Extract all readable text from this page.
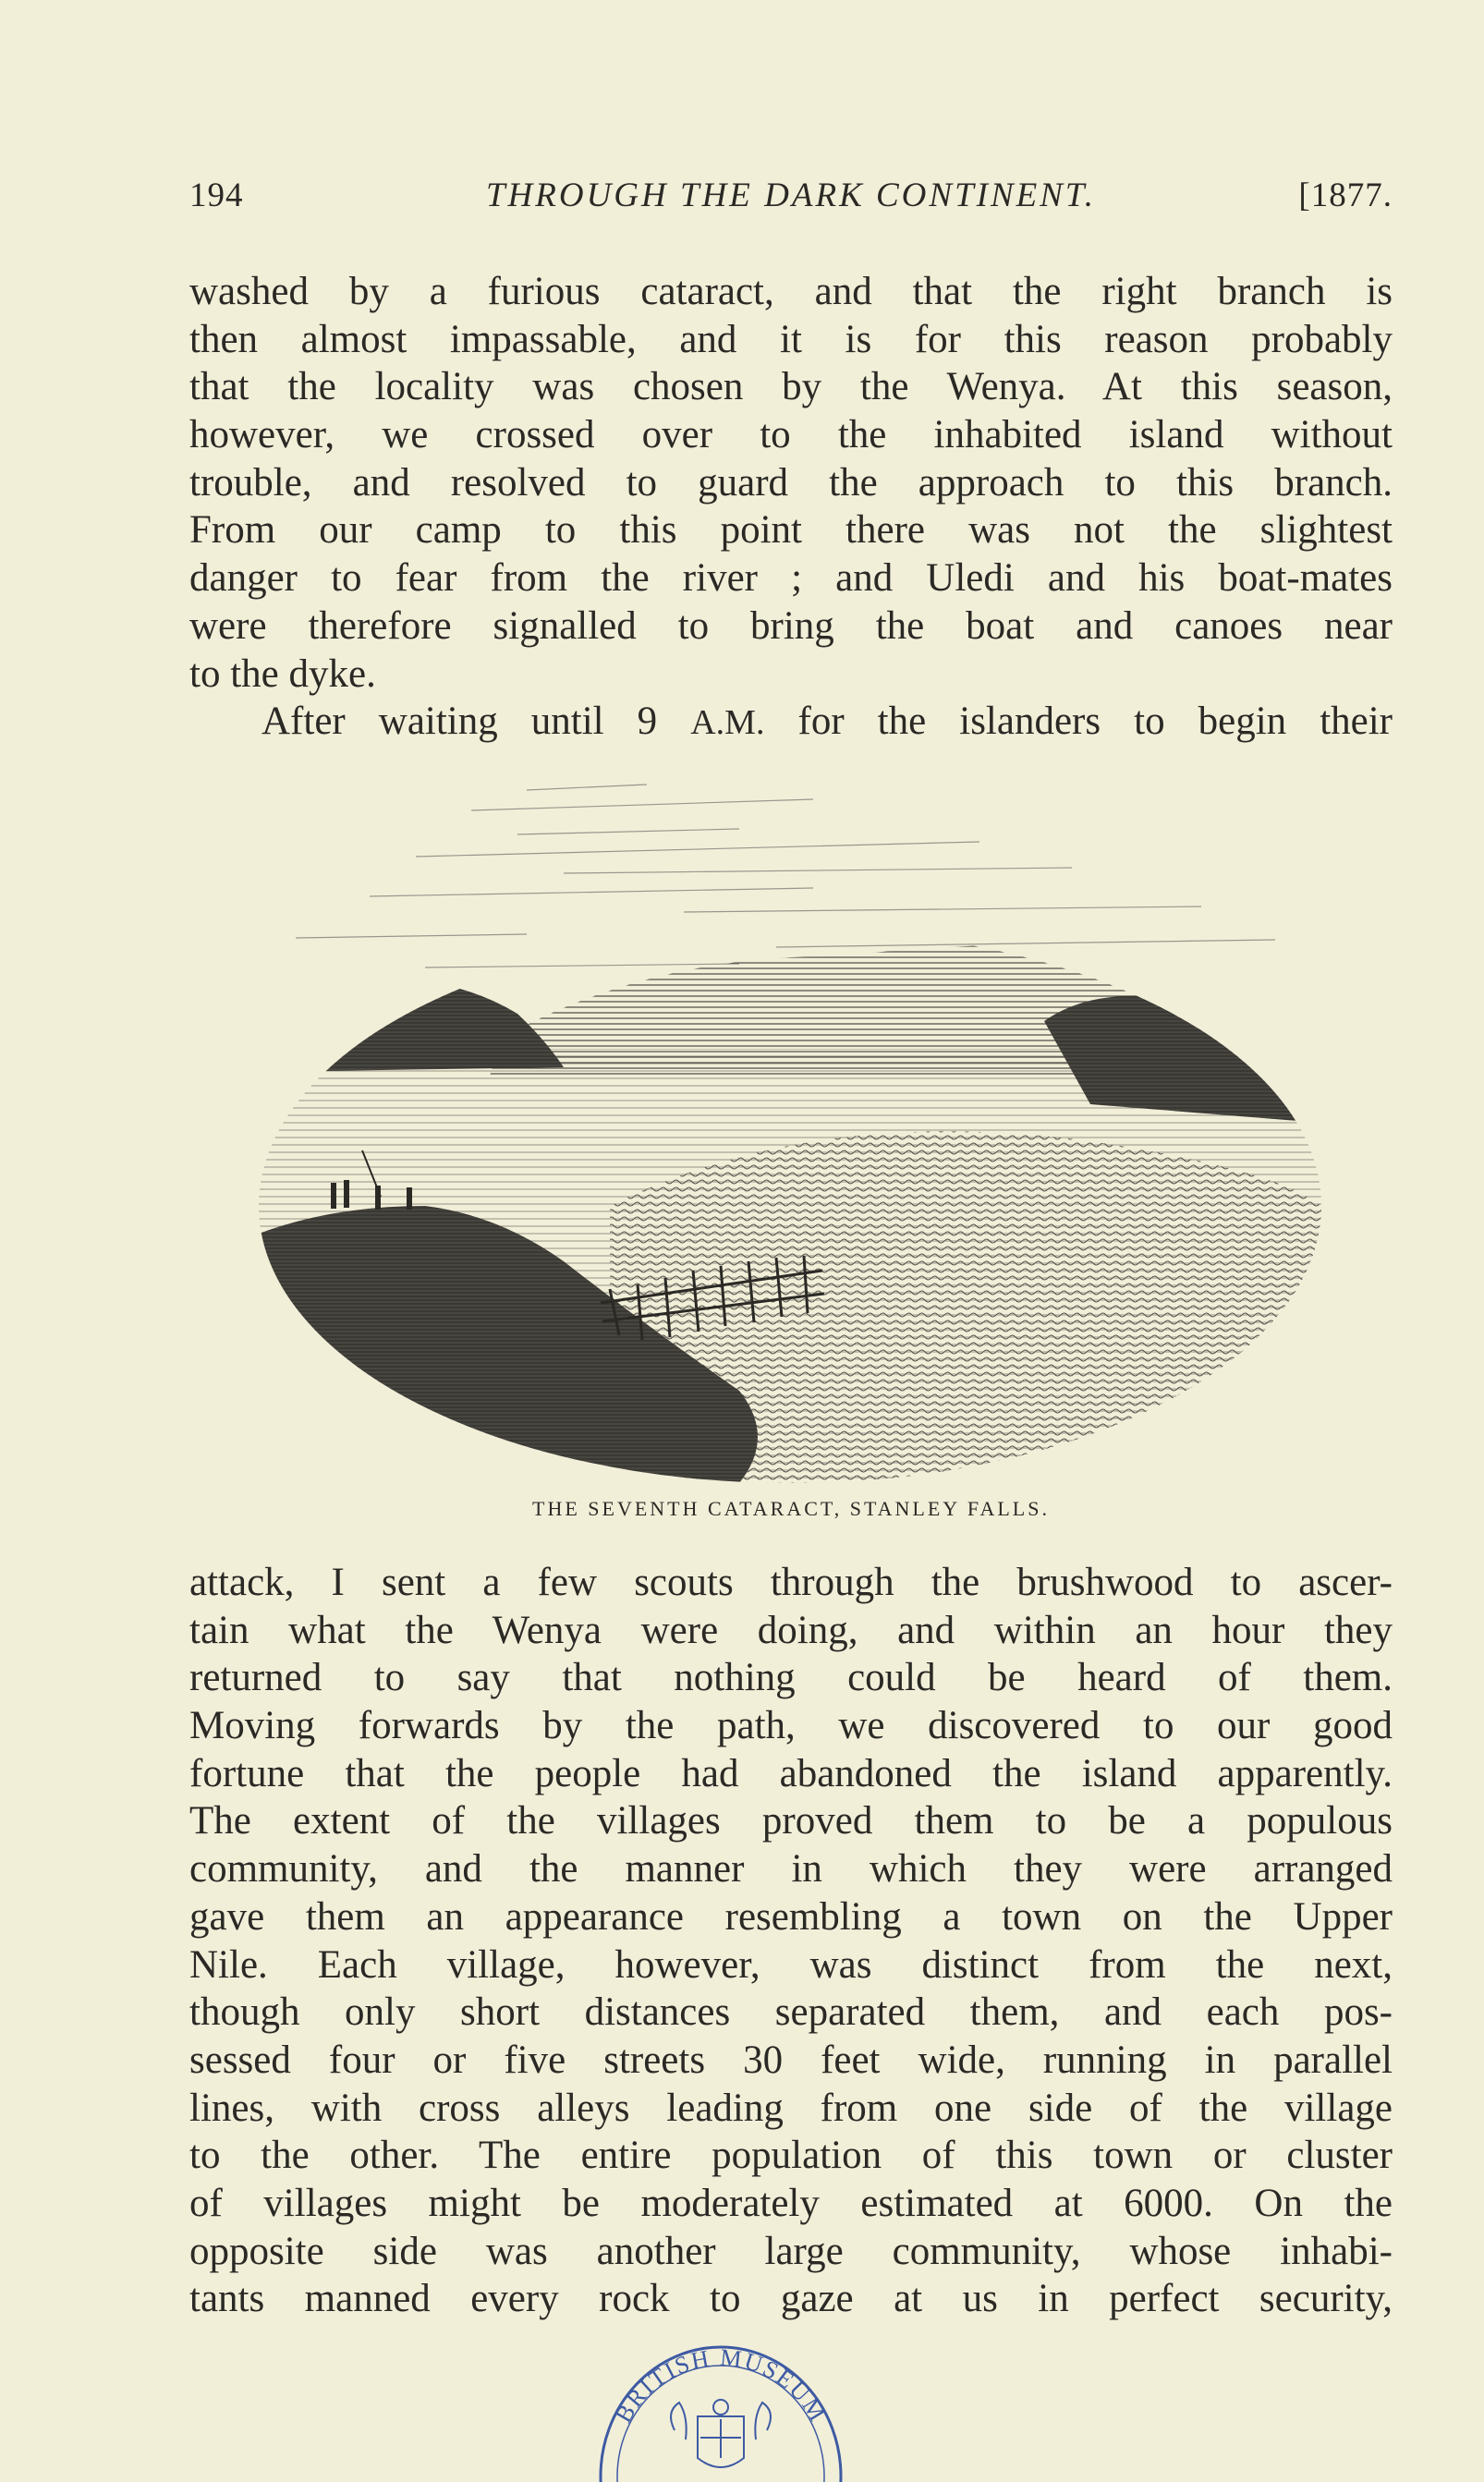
194	THROUGH THE DARK CONTINENT.	[1877.
washed by a furious cataract, and that the right branch is
then almost impassable, and it is for this reason probably
that the locality was chosen by the Wenya. At this season,
however, we crossed over to the inhabited island without
trouble, and resolved to guard the approach to this branch.
From our camp to this point there was not the slightest
danger to fear from the river ; and Uledi and his boat-mates
were therefore signalled to bring the boat and canoes near
to the dyke.
After waiting until 9 A.M. for the islanders to begin their
THE SEVENTH CATARACT, STANLEY FALLS.
attack, I sent a few scouts through the brushwood to ascer-
tain what the Wenya were doing, and within an hour they
returned to say that nothing could be heard of them.
Moving forwards by the path, we discovered to our good
fortune that the people had abandoned the island apparently.
The extent of the villages proved them to be a populous
community, and the manner in which they were arranged
gave them an appearance resembling a town on the Upper
Nile. Each village, however, was distinct from the next,
though only short distances separated them, and each pos-
sessed four or five streets 30 feet wide, running in parallel
lines, with cross alleys leading from one side of the village
to the other. The entire population of this town or cluster
of villages might be moderately estimated at 6000. On the
opposite side was another large community, whose inhabi-
tants manned every rock to gaze at us in perfect security,
BRITISH MUSEUM
